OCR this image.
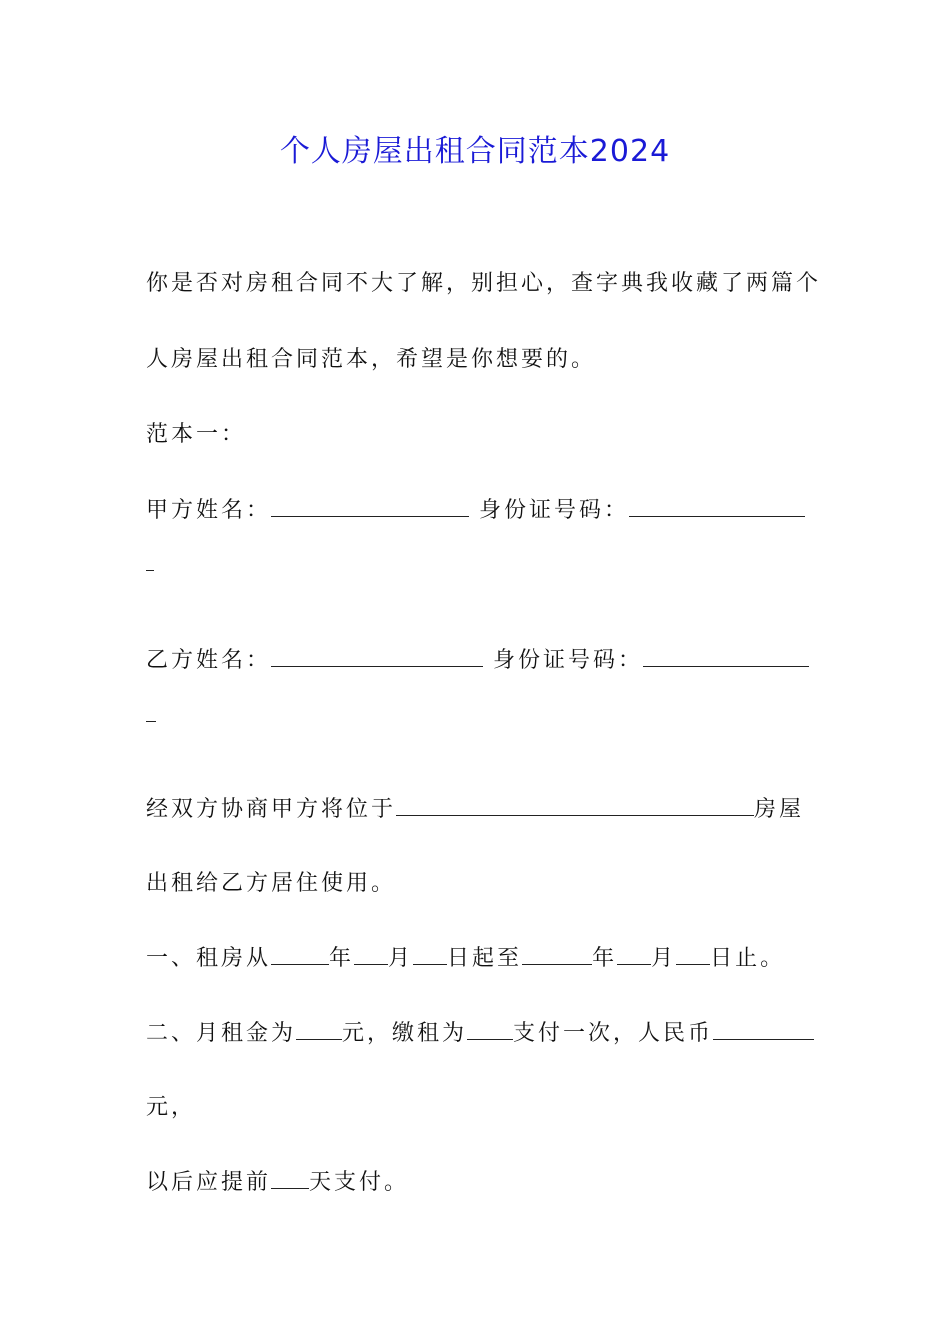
个人房屋出租合同范本2024
你是否对房租合同不大了解，别担心，查字典我收藏了两篇个
人房屋出租合同范本，希望是你想要的。
范本一：
甲方姓名：	身份证号码：
乙方姓名：	身份证号码：
经双方协商甲方将位于	房屋
出租给乙方居住使用。
一、租房从	年 月 日起至	年 月 日止。
二、月租金为 元，缴租为 支付一次，人民币
元，
以后应提前 天支付。
